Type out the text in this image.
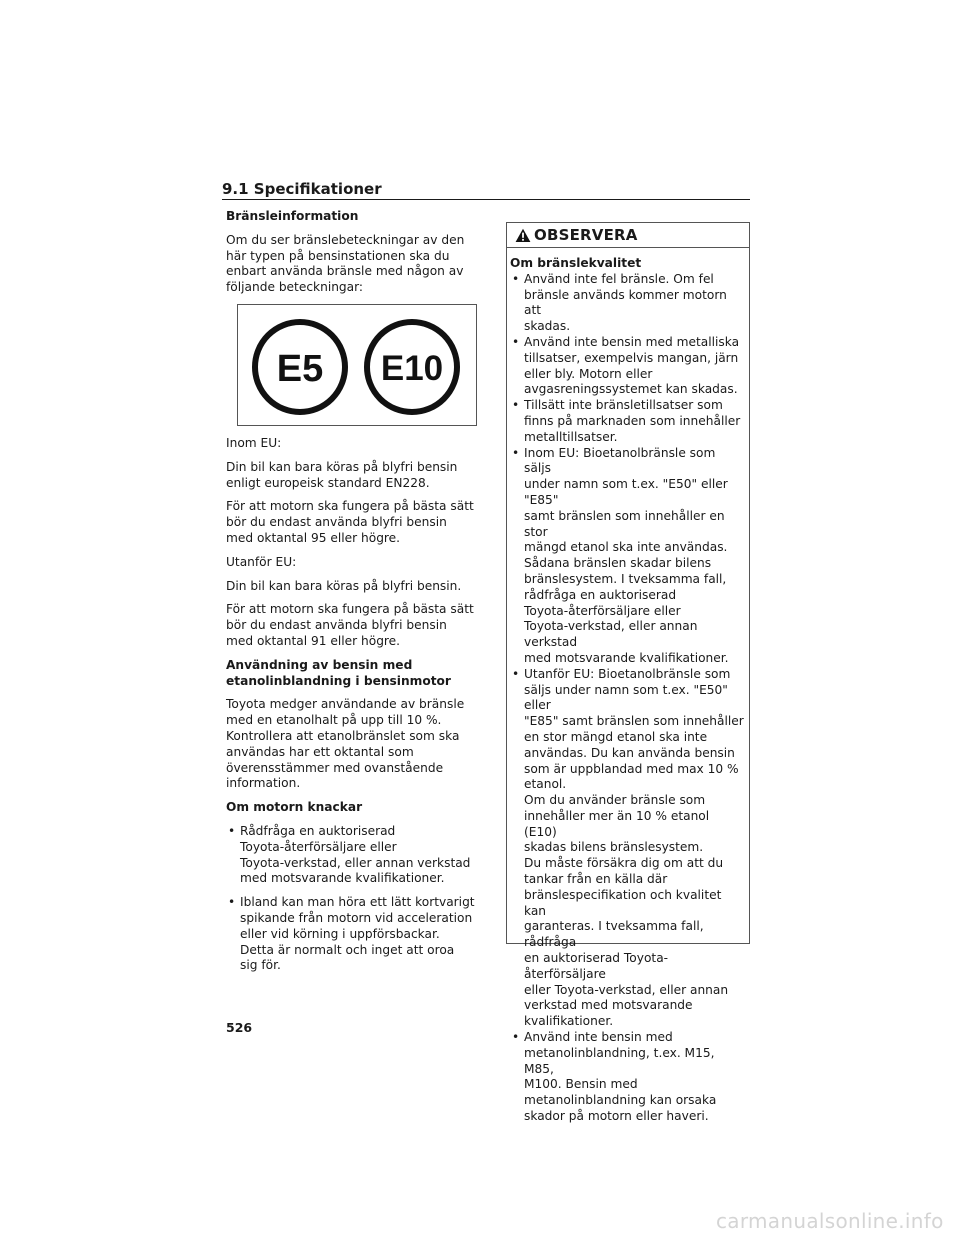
9.1 Specifikationer
Bränsleinformation

Om du ser bränslebeteckningar av den här typen på bensinstationen ska du enbart använda bränsle med någon av följande beteckningar:

E5 E10

Inom EU:

Din bil kan bara köras på blyfri bensin enligt europeisk standard EN228.

För att motorn ska fungera på bästa sätt bör du endast använda blyfri bensin med oktantal 95 eller högre.

Utanför EU:

Din bil kan bara köras på blyfri bensin.

För att motorn ska fungera på bästa sätt bör du endast använda blyfri bensin med oktantal 91 eller högre.

Användning av bensin med etanolinblandning i bensinmotor

Toyota medger användande av bränsle med en etanolhalt på upp till 10 %. Kontrollera att etanolbränslet som ska användas har ett oktantal som överensstämmer med ovanstående information.

Om motorn knackar
• Rådfråga en auktoriserad
Toyota-återförsäljare eller
Toyota-verkstad, eller annan verkstad
med motsvarande kvalifikationer.
• Ibland kan man höra ett lätt kortvarigt
spikande från motorn vid acceleration
eller vid körning i uppförsbackar.
Detta är normalt och inget att oroa
sig för.
OBSERVERA
Om bränslekvalitet
• Använd inte fel bränsle. Om fel
bränsle används kommer motorn att
skadas.
• Använd inte bensin med metalliska
tillsatser, exempelvis mangan, järn
eller bly. Motorn eller
avgasreningssystemet kan skadas.
• Tillsätt inte bränsletillsatser som
finns på marknaden som innehåller
metalltillsatser.
• Inom EU: Bioetanolbränsle som säljs
under namn som t.ex. "E50" eller "E85"
samt bränslen som innehåller en stor
mängd etanol ska inte användas.
Sådana bränslen skadar bilens
bränslesystem. I tveksamma fall,
rådfråga en auktoriserad
Toyota-återförsäljare eller
Toyota-verkstad, eller annan verkstad
med motsvarande kvalifikationer.
• Utanför EU: Bioetanolbränsle som
säljs under namn som t.ex. "E50" eller
"E85" samt bränslen som innehåller
en stor mängd etanol ska inte
användas. Du kan använda bensin
som är uppblandad med max 10 %
etanol.
Om du använder bränsle som
innehåller mer än 10 % etanol (E10)
skadas bilens bränslesystem.
Du måste försäkra dig om att du
tankar från en källa där
bränslespecifikation och kvalitet kan
garanteras. I tveksamma fall, rådfråga
en auktoriserad Toyota-återförsäljare
eller Toyota-verkstad, eller annan
verkstad med motsvarande
kvalifikationer.
• Använd inte bensin med
metanolinblandning, t.ex. M15, M85,
M100. Bensin med
metanolinblandning kan orsaka
skador på motorn eller haveri.
526
carmanualsonline.info
